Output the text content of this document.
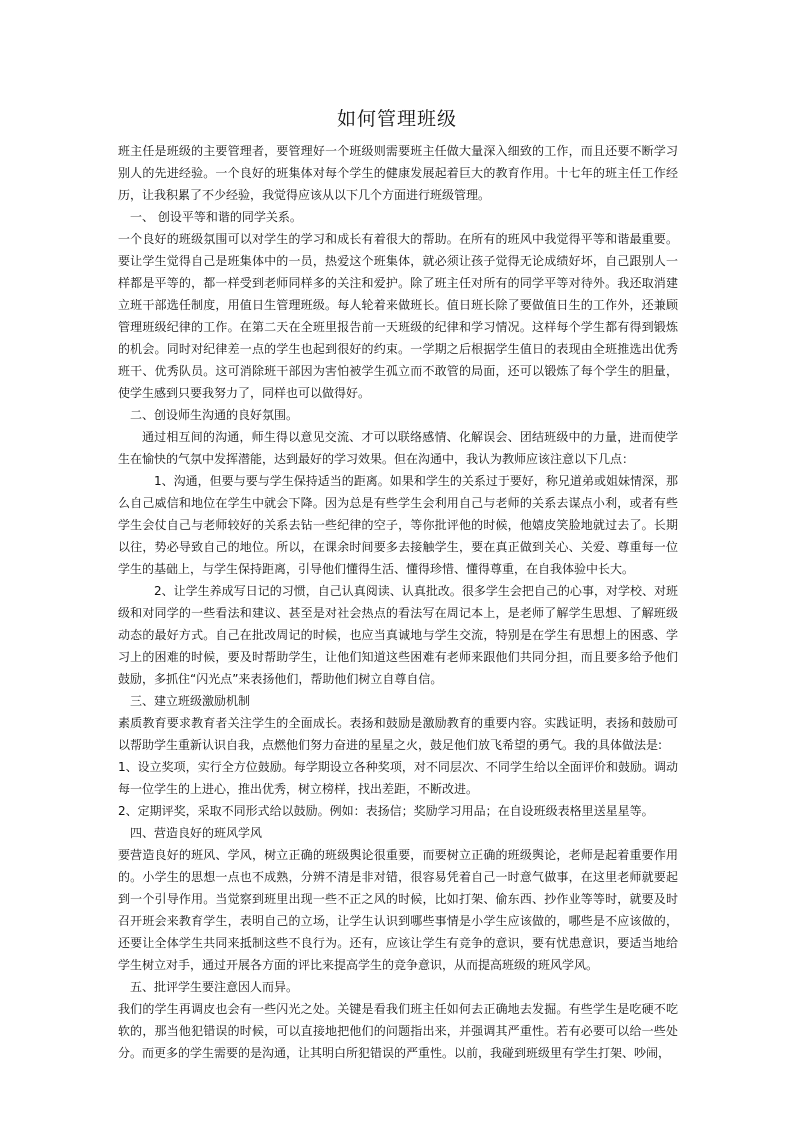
如何管理班级

班主任是班级的主要管理者，要管理好一个班级则需要班主任做大量深入细致的工作，而且还要不断学习别人的先进经验。一个良好的班集体对每个学生的健康发展起着巨大的教育作用。十七年的班主任工作经历，让我积累了不少经验，我觉得应该从以下几个方面进行班级管理。

一、 创设平等和谐的同学关系。

一个良好的班级氛围可以对学生的学习和成长有着很大的帮助。在所有的班风中我觉得平等和谐最重要。要让学生觉得自己是班集体中的一员，热爱这个班集体，就必须让孩子觉得无论成绩好坏，自己跟别人一样都是平等的，都一样受到老师同样多的关注和爱护。除了班主任对所有的同学平等对待外。我还取消建立班干部选任制度，用值日生管理班级。每人轮着来做班长。值日班长除了要做值日生的工作外，还兼顾管理班级纪律的工作。在第二天在全班里报告前一天班级的纪律和学习情况。这样每个学生都有得到锻炼的机会。同时对纪律差一点的学生也起到很好的约束。一学期之后根据学生值日的表现由全班推选出优秀班干、优秀队员。这可消除班干部因为害怕被学生孤立而不敢管的局面，还可以锻炼了每个学生的胆量，使学生感到只要我努力了，同样也可以做得好。

二、创设师生沟通的良好氛围。

通过相互间的沟通，师生得以意见交流、才可以联络感情、化解误会、团结班级中的力量，进而使学生在愉快的气氛中发挥潜能，达到最好的学习效果。但在沟通中，我认为教师应该注意以下几点：

1、沟通，但要与要与学生保持适当的距离。如果和学生的关系过于要好，称兄道弟或姐妹情深，那么自己威信和地位在学生中就会下降。因为总是有些学生会利用自己与老师的关系去谋点小利，或者有些学生会仗自己与老师较好的关系去钻一些纪律的空子，等你批评他的时候，他嬉皮笑脸地就过去了。长期以往，势必导致自己的地位。所以，在课余时间要多去接触学生，要在真正做到关心、关爱、尊重每一位学生的基础上，与学生保持距离，引导他们懂得生活、懂得珍惜、懂得尊重，在自我体验中长大。

2、让学生养成写日记的习惯，自己认真阅读、认真批改。很多学生会把自己的心事，对学校、对班级和对同学的一些看法和建议、甚至是对社会热点的看法写在周记本上，是老师了解学生思想、了解班级动态的最好方式。自己在批改周记的时候，也应当真诚地与学生交流，特别是在学生有思想上的困惑、学习上的困难的时候，要及时帮助学生，让他们知道这些困难有老师来跟他们共同分担，而且要多给予他们鼓励，多抓住“闪光点”来表扬他们，帮助他们树立自尊自信。

三、建立班级激励机制

素质教育要求教育者关注学生的全面成长。表扬和鼓励是激励教育的重要内容。实践证明，表扬和鼓励可以帮助学生重新认识自我，点燃他们努力奋进的星星之火，鼓足他们放飞希望的勇气。我的具体做法是:

1、设立奖项，实行全方位鼓励。每学期设立各种奖项，对不同层次、不同学生给以全面评价和鼓励。调动每一位学生的上进心，推出优秀，树立榜样，找出差距，不断改进。

2、定期评奖，采取不同形式给以鼓励。例如：表扬信；奖励学习用品；在自设班级表格里送星星等。

四、营造良好的班风学风

要营造良好的班风、学风，树立正确的班级舆论很重要，而要树立正确的班级舆论，老师是起着重要作用的。小学生的思想一点也不成熟，分辨不清是非对错，很容易凭着自己一时意气做事，在这里老师就要起到一个引导作用。当觉察到班里出现一些不正之风的时候，比如打架、偷东西、抄作业等等时，就要及时召开班会来教育学生，表明自己的立场，让学生认识到哪些事情是小学生应该做的，哪些是不应该做的，还要让全体学生共同来抵制这些不良行为。还有，应该让学生有竞争的意识，要有忧患意识，要适当地给学生树立对手，通过开展各方面的评比来提高学生的竞争意识，从而提高班级的班风学风。

五、批评学生要注意因人而异。

我们的学生再调皮也会有一些闪光之处。关键是看我们班主任如何去正确地去发掘。有些学生是吃硬不吃软的，那当他犯错误的时候，可以直接地把他们的问题指出来，并强调其严重性。若有必要可以给一些处分。而更多的学生需要的是沟通，让其明白所犯错误的严重性。以前，我碰到班级里有学生打架、吵闹，
